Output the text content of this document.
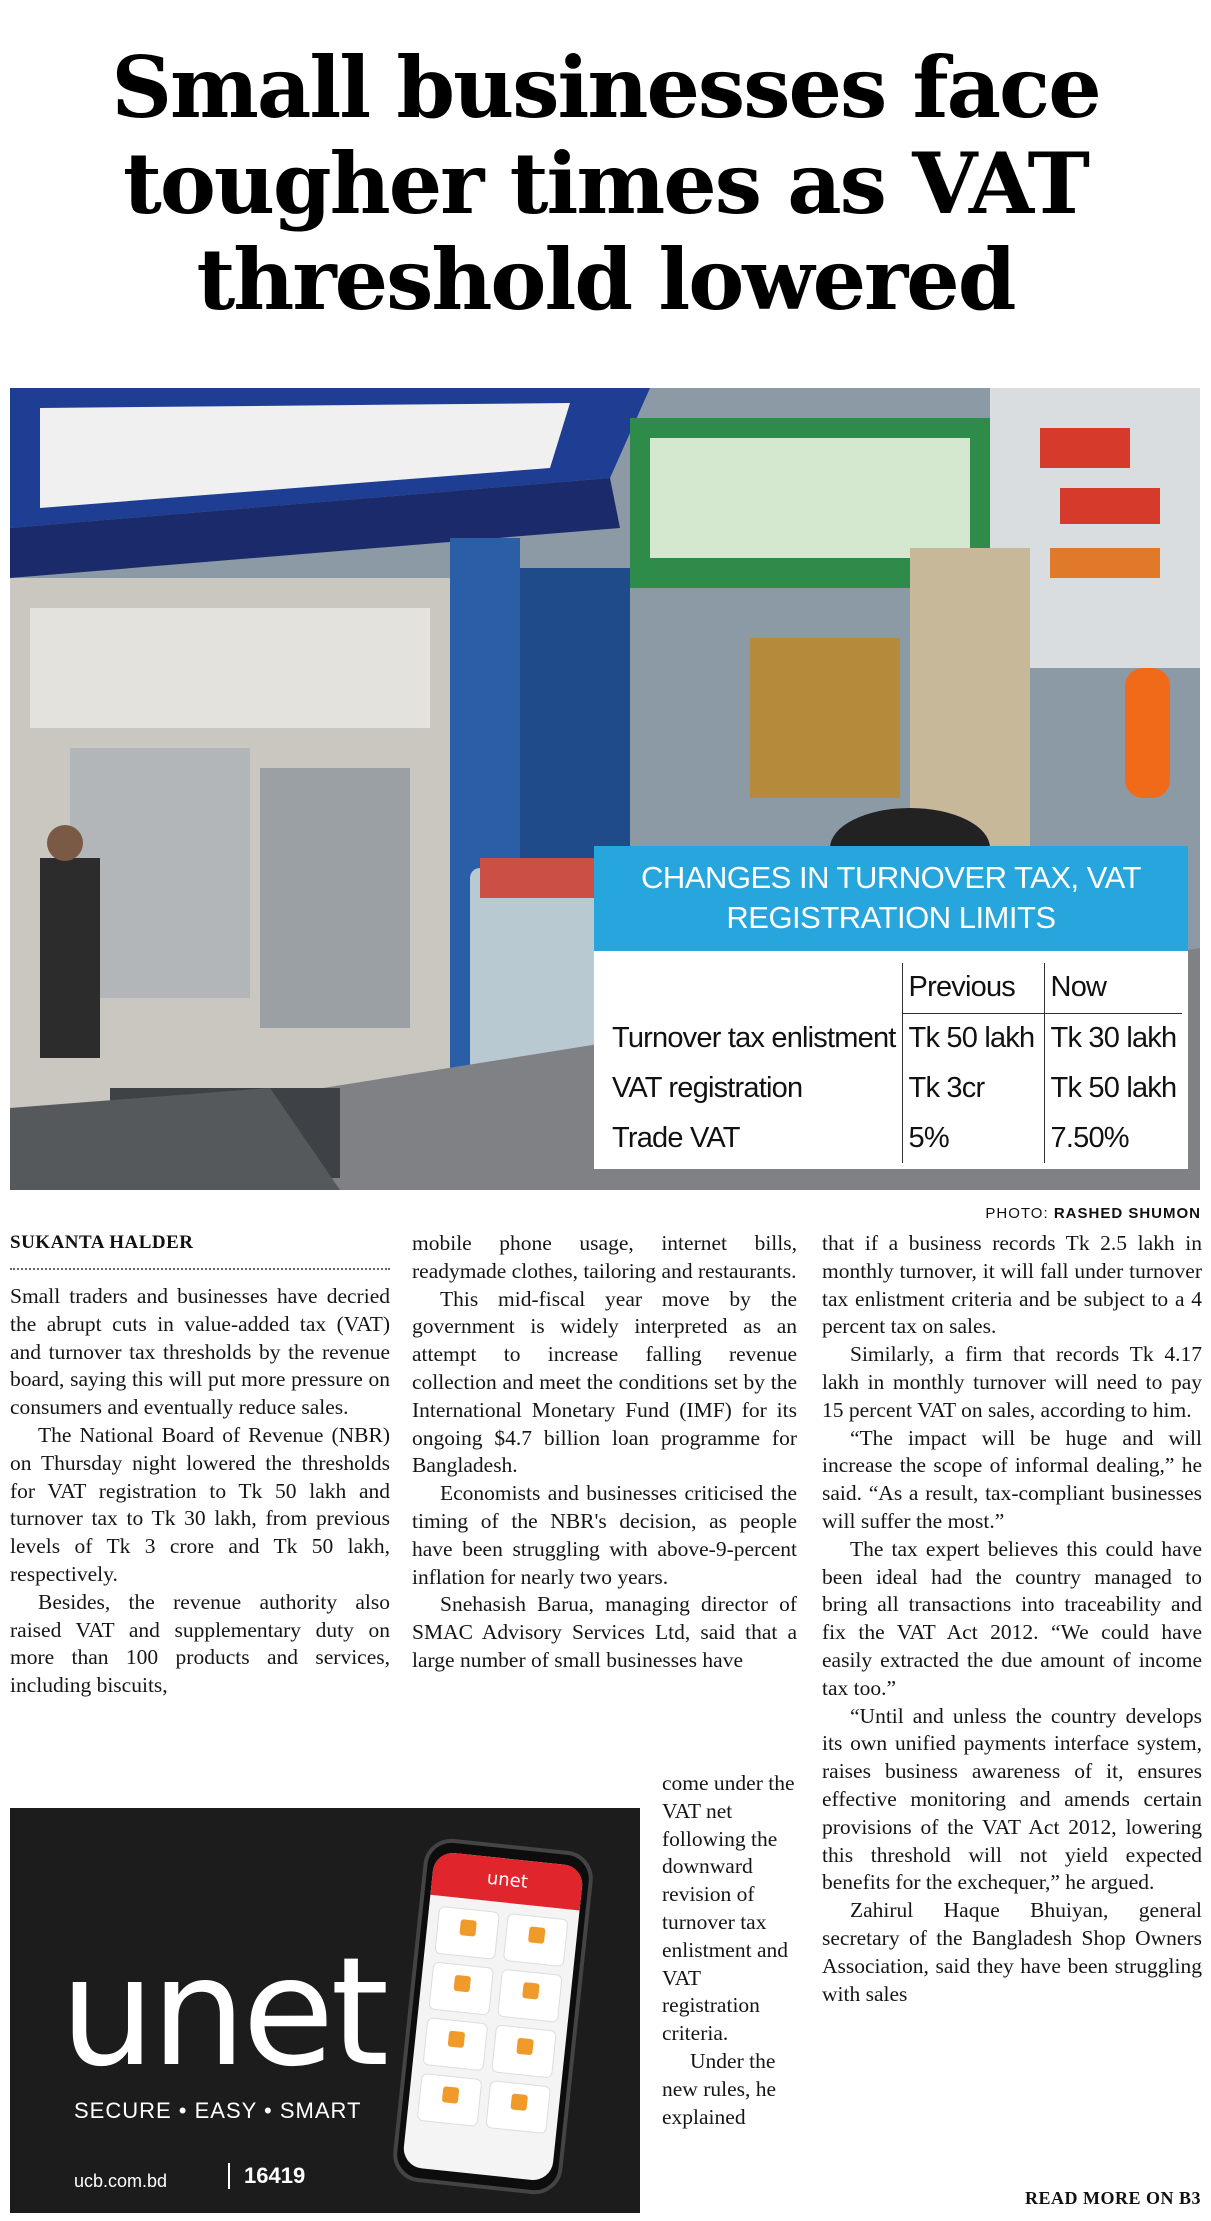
Small businesses face
tougher times as VAT
threshold lowered
CHANGES IN TURNOVER TAX, VAT
REGISTRATION LIMITS
	Previous	Now
Turnover tax enlistment	Tk 50 lakh	Tk 30 lakh
VAT registration	Tk 3cr	Tk 50 lakh
Trade VAT	5%	7.50%
PHOTO: RASHED SHUMON
SUKANTA HALDER

Small traders and businesses have decried the abrupt cuts in value-added tax (VAT) and turnover tax thresholds by the revenue board, saying this will put more pressure on consumers and eventually reduce sales.

The National Board of Revenue (NBR) on Thursday night lowered the thresholds for VAT registration to Tk 50 lakh and turnover tax to Tk 30 lakh, from previous levels of Tk 3 crore and Tk 50 lakh, respectively.

Besides, the revenue authority also raised VAT and supplementary duty on more than 100 products and services, including biscuits,

mobile phone usage, internet bills, readymade clothes, tailoring and restaurants.

This mid-fiscal year move by the government is widely interpreted as an attempt to increase falling revenue collection and meet the conditions set by the International Monetary Fund (IMF) for its ongoing $4.7 billion loan programme for Bangladesh.

Economists and businesses criticised the timing of the NBR's decision, as people have been struggling with above-9-percent inflation for nearly two years.

Snehasish Barua, managing director of SMAC Advisory Services Ltd, said that a large number of small businesses have

come under the VAT net following the downward revision of turnover tax enlistment and VAT registration criteria.

Under the new rules, he explained

that if a business records Tk 2.5 lakh in monthly turnover, it will fall under turnover tax enlistment criteria and be subject to a 4 percent tax on sales.

Similarly, a firm that records Tk 4.17 lakh in monthly turnover will need to pay 15 percent VAT on sales, according to him.

“The impact will be huge and will increase the scope of informal dealing,” he said. “As a result, tax-compliant businesses will suffer the most.”

The tax expert believes this could have been ideal had the country managed to bring all transactions into traceability and fix the VAT Act 2012. “We could have easily extracted the due amount of income tax too.”

“Until and unless the country develops its own unified payments interface system, raises business awareness of it, ensures effective monitoring and amends certain provisions of the VAT Act 2012, lowering this threshold will not yield expected benefits for the exchequer,” he argued.

Zahirul Haque Bhuiyan, general secretary of the Bangladesh Shop Owners Association, said they have been struggling with sales

READ MORE ON B3
unet
SECURE • EASY • SMART
ucb.com.bd	16419
unet
